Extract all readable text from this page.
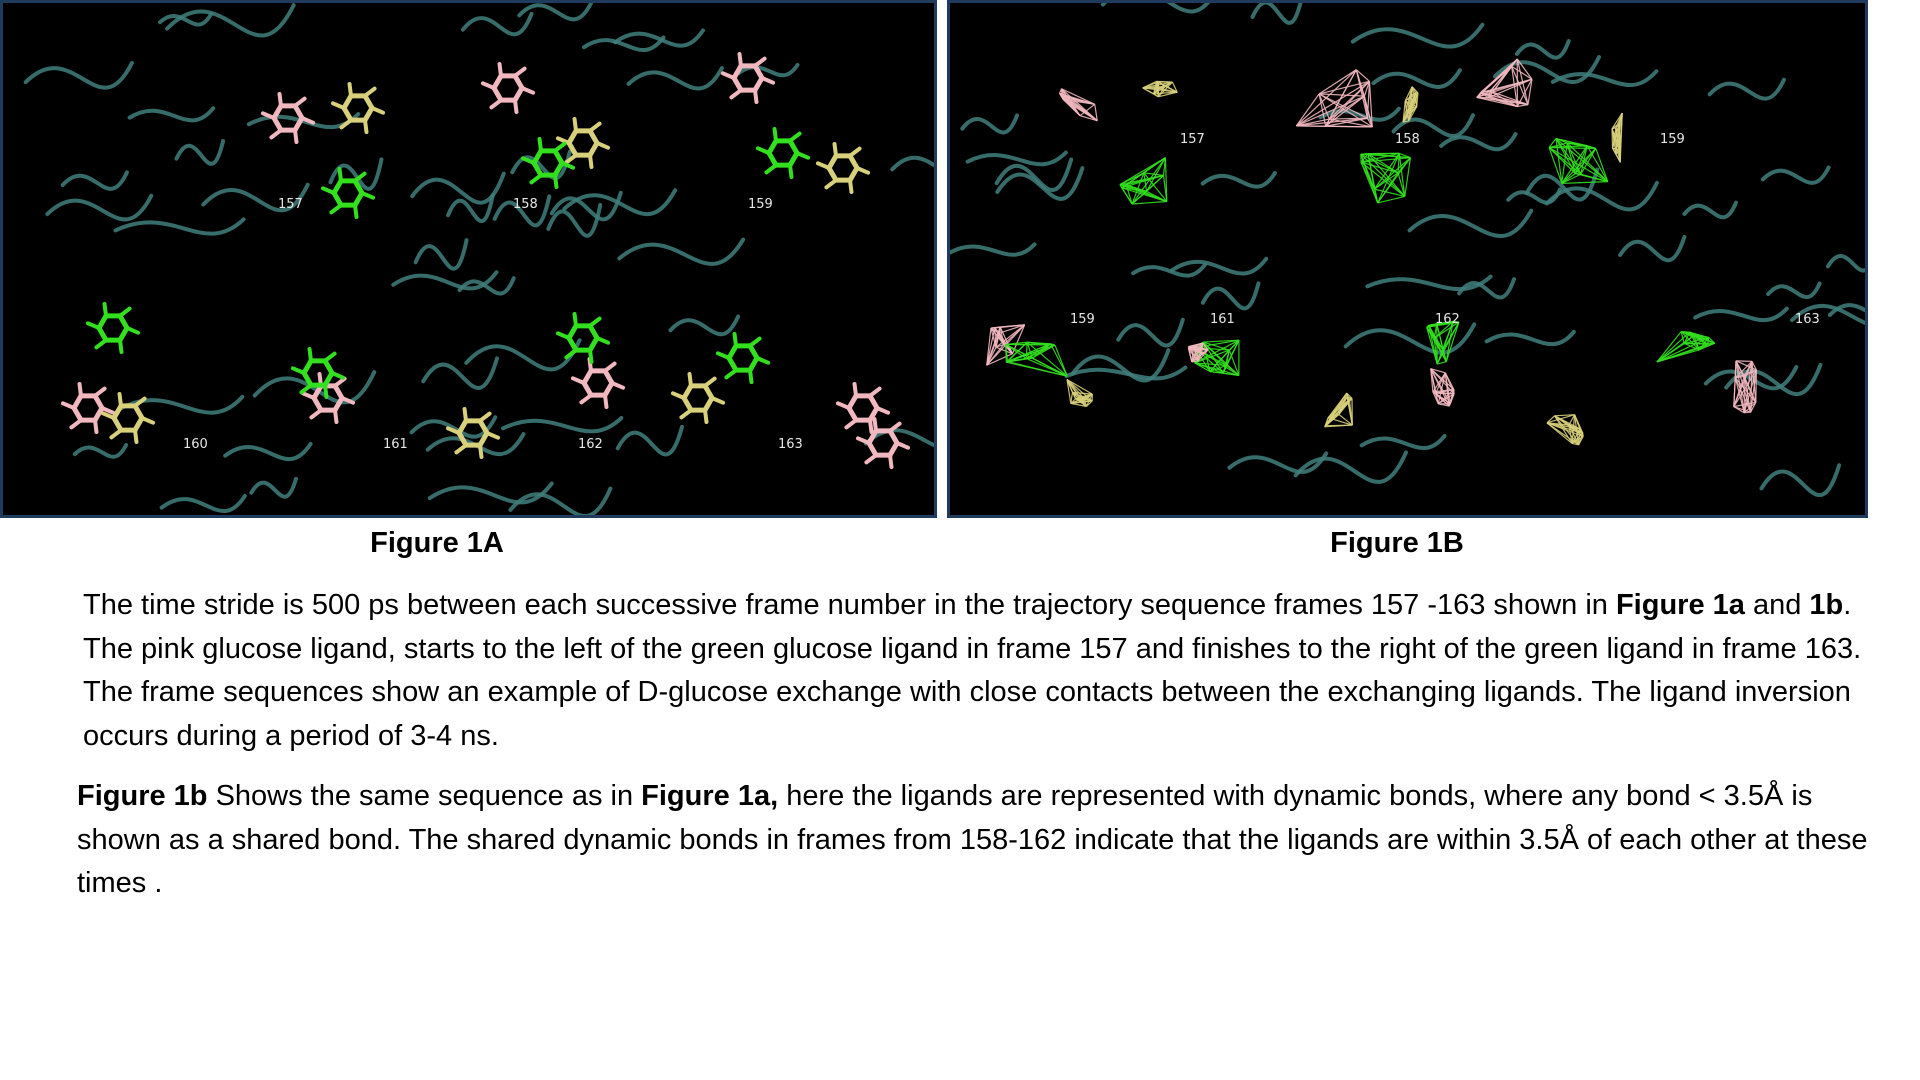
157	158	159
160	161	162	163
157	158	159
159	161	162	163
Figure 1A	Figure 1B

The time stride is 500 ps between each successive frame number in the trajectory sequence frames 157 -163 shown in Figure 1a and 1b. The pink glucose ligand, starts to the left of the green glucose ligand in frame 157 and finishes to the right of the green ligand in frame 163. The frame sequences show an example of D-glucose exchange with close contacts between the exchanging ligands. The ligand inversion occurs during a period of 3-4 ns.

Figure 1b Shows the same sequence as in Figure 1a, here the ligands are represented with dynamic bonds, where any bond < 3.5Å is shown as a shared bond. The shared dynamic bonds in frames from 158-162 indicate that the ligands are within 3.5Å of each other at these times .
